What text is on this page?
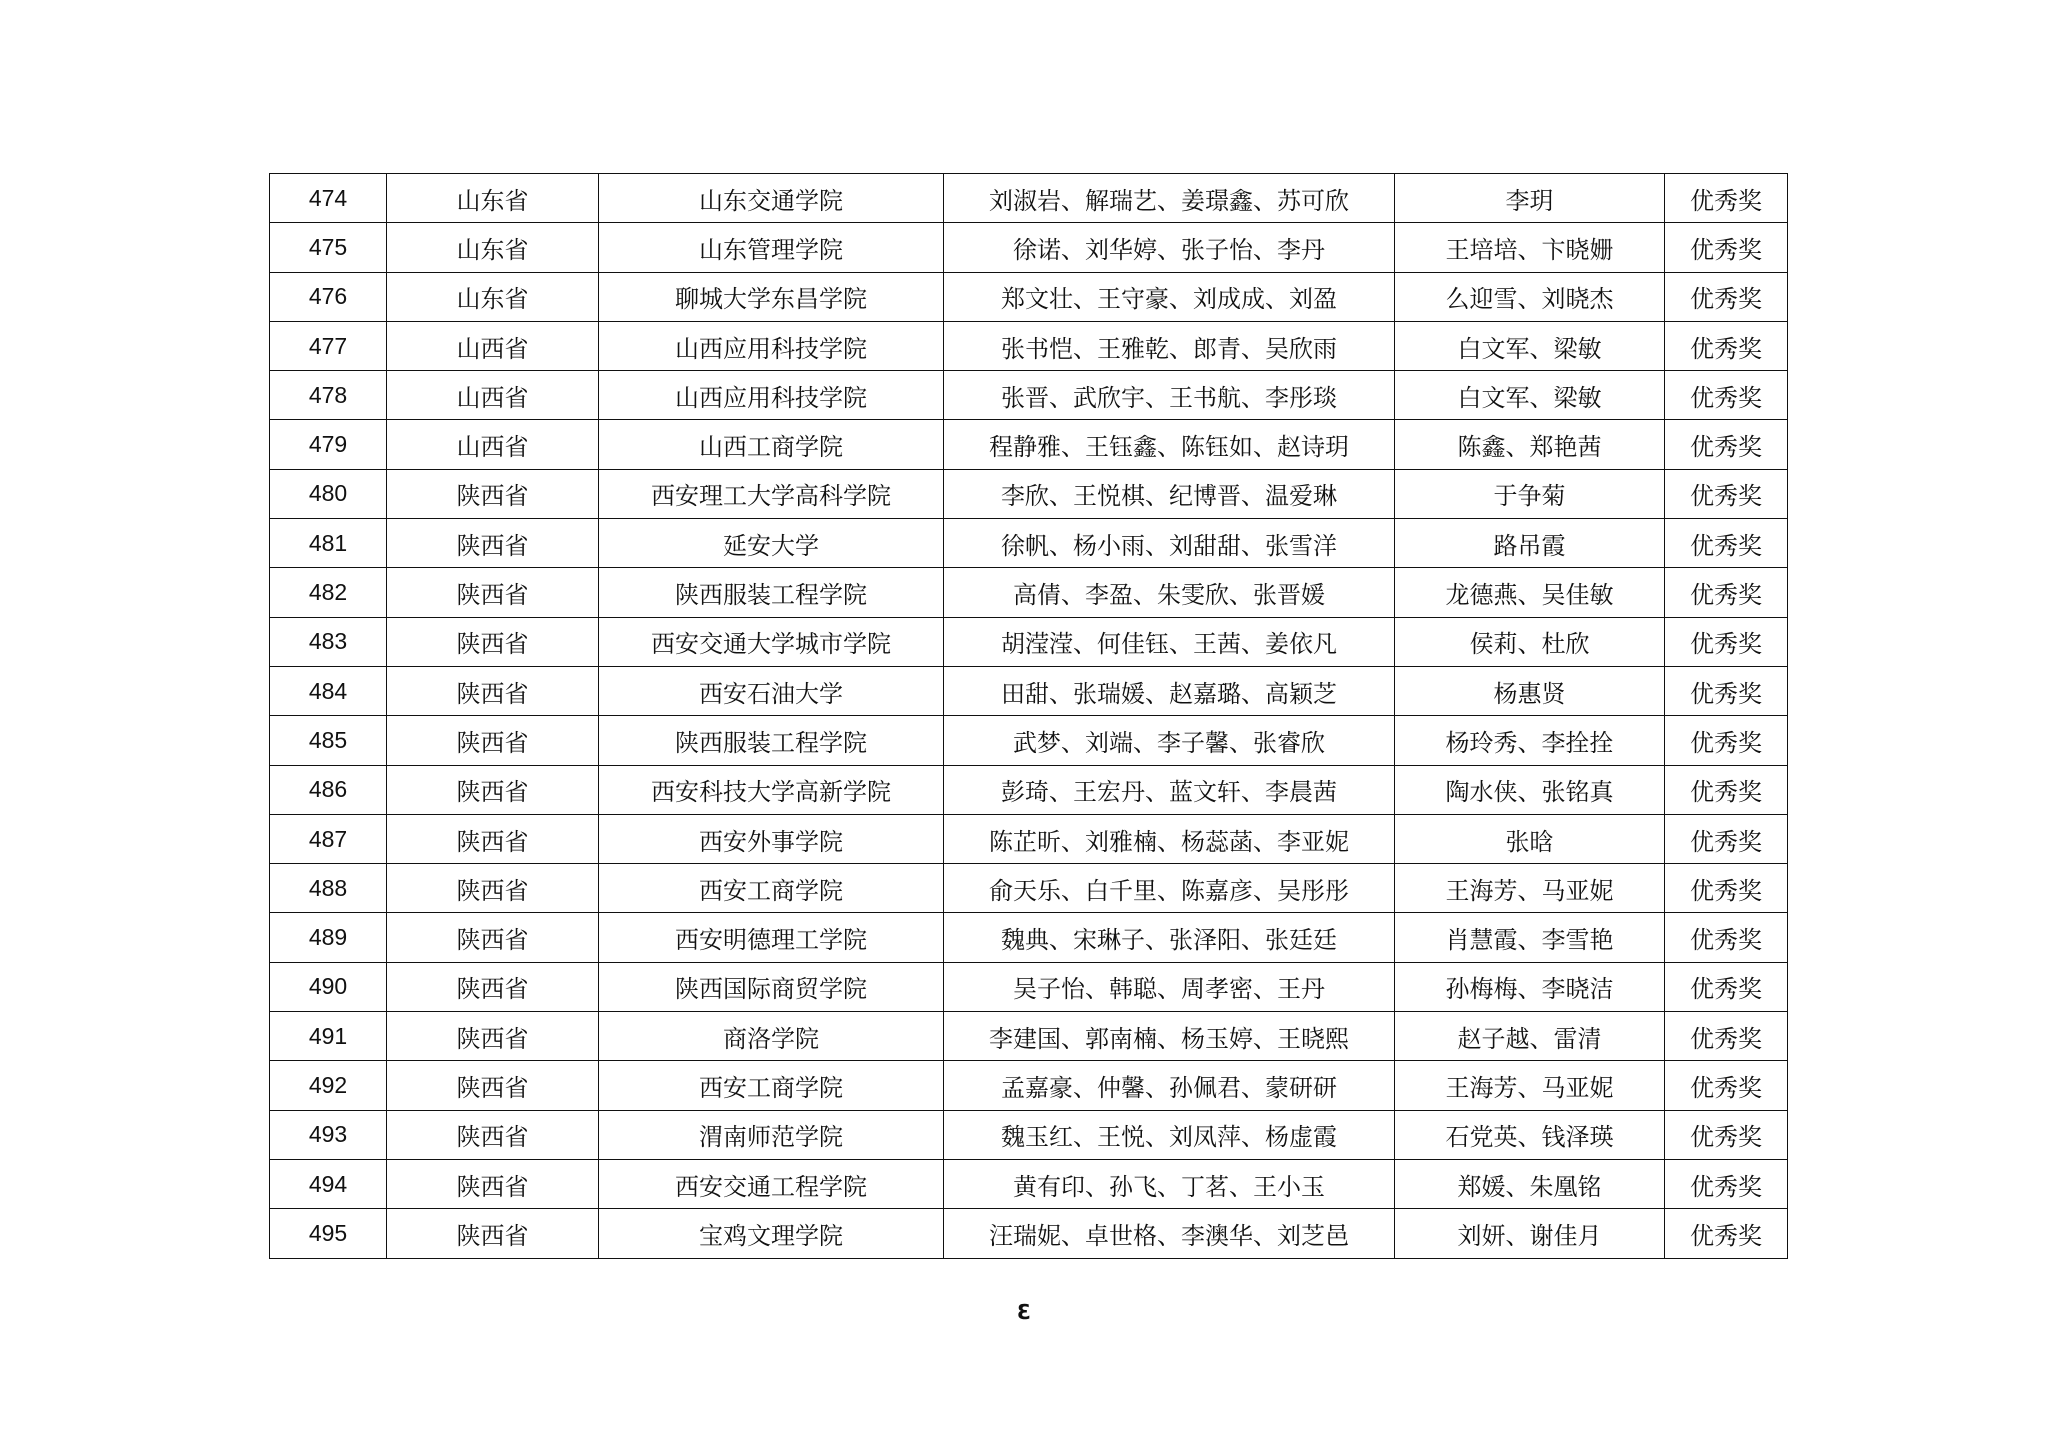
474	山东省	山东交通学院	刘淑岩、解瑞艺、姜璟鑫、苏可欣	李玥	优秀奖
475	山东省	山东管理学院	徐诺、刘华婷、张子怡、李丹	王培培、卞晓姗	优秀奖
476	山东省	聊城大学东昌学院	郑文壮、王守豪、刘成成、刘盈	么迎雪、刘晓杰	优秀奖
477	山西省	山西应用科技学院	张书恺、王雅乾、郎青、吴欣雨	白文军、梁敏	优秀奖
478	山西省	山西应用科技学院	张晋、武欣宇、王书航、李彤琰	白文军、梁敏	优秀奖
479	山西省	山西工商学院	程静雅、王钰鑫、陈钰如、赵诗玥	陈鑫、郑艳茜	优秀奖
480	陕西省	西安理工大学高科学院	李欣、王悦棋、纪博晋、温爱琳	于争菊	优秀奖
481	陕西省	延安大学	徐帆、杨小雨、刘甜甜、张雪洋	路吊霞	优秀奖
482	陕西省	陕西服装工程学院	高倩、李盈、朱雯欣、张晋媛	龙德燕、吴佳敏	优秀奖
483	陕西省	西安交通大学城市学院	胡滢滢、何佳钰、王茜、姜依凡	侯莉、杜欣	优秀奖
484	陕西省	西安石油大学	田甜、张瑞媛、赵嘉璐、高颖芝	杨惠贤	优秀奖
485	陕西省	陕西服装工程学院	武梦、刘端、李子馨、张睿欣	杨玲秀、李拴拴	优秀奖
486	陕西省	西安科技大学高新学院	彭琦、王宏丹、蓝文轩、李晨茜	陶水侠、张铭真	优秀奖
487	陕西省	西安外事学院	陈芷昕、刘雅楠、杨蕊菡、李亚妮	张晗	优秀奖
488	陕西省	西安工商学院	俞天乐、白千里、陈嘉彦、吴彤彤	王海芳、马亚妮	优秀奖
489	陕西省	西安明德理工学院	魏典、宋琳子、张泽阳、张廷廷	肖慧霞、李雪艳	优秀奖
490	陕西省	陕西国际商贸学院	吴子怡、韩聪、周孝密、王丹	孙梅梅、李晓洁	优秀奖
491	陕西省	商洛学院	李建国、郭南楠、杨玉婷、王晓熙	赵子越、雷清	优秀奖
492	陕西省	西安工商学院	孟嘉豪、仲馨、孙佩君、蒙研研	王海芳、马亚妮	优秀奖
493	陕西省	渭南师范学院	魏玉红、王悦、刘凤萍、杨虚霞	石党英、钱泽瑛	优秀奖
494	陕西省	西安交通工程学院	黄有印、孙飞、丁茗、王小玉	郑媛、朱凰铭	优秀奖
495	陕西省	宝鸡文理学院	汪瑞妮、卓世格、李澳华、刘芝邑	刘妍、谢佳月	优秀奖
Ɛ
